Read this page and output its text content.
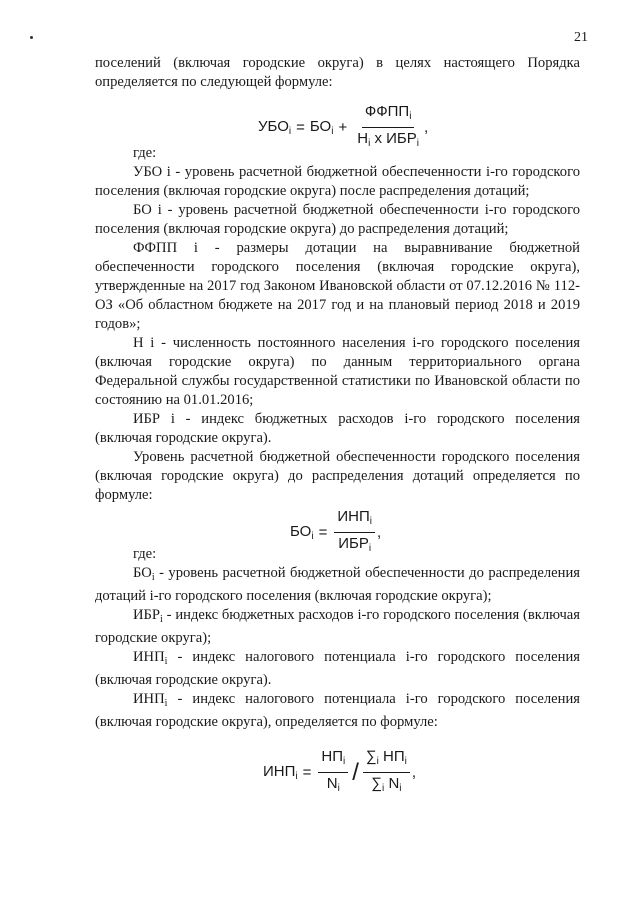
21

поселений (включая городские округа) в целях настоящего Порядка определяется по следующей формуле:

$УБО_i = БО_i + \frac{ФФПП_i}{Н_i х ИБР_i}$ ,

где:

УБО i - уровень расчетной бюджетной обеспеченности i-го городского поселения (включая городские округа) после распределения дотаций;

БО i - уровень расчетной бюджетной обеспеченности i-го городского поселения (включая городские округа) до распределения дотаций;

ФФПП i - размеры дотации на выравнивание бюджетной обеспеченности городского поселения (включая городские округа), утвержденные на 2017 год Законом Ивановской области от 07.12.2016 № 112-ОЗ «Об областном бюджете на 2017 год и на плановый период 2018 и 2019 годов»;

Н i - численность постоянного населения i-го городского поселения (включая городские округа) по данным территориального органа Федеральной службы государственной статистики по Ивановской области по состоянию на 01.01.2016;

ИБР i - индекс бюджетных расходов i-го городского поселения (включая городские округа).

Уровень расчетной бюджетной обеспеченности городского поселения (включая городские округа) до распределения дотаций определяется по формуле:

$БО_i = \frac{ИНП_i}{ИБР_i}$ ,

где:

$БО_i$ - уровень расчетной бюджетной обеспеченности до распределения дотаций i-го городского поселения (включая городские округа);

$ИБР_i$ - индекс бюджетных расходов i-го городского поселения (включая городские округа);

$ИНП_i$ - индекс налогового потенциала i-го городского поселения (включая городские округа).

$ИНП_i$ - индекс налогового потенциала i-го городского поселения (включая городские округа), определяется по формуле:

$ИНП_i = \frac{НП_i}{N_i} / \frac{\sum_i НП_i}{\sum_i N_i}$ ,
